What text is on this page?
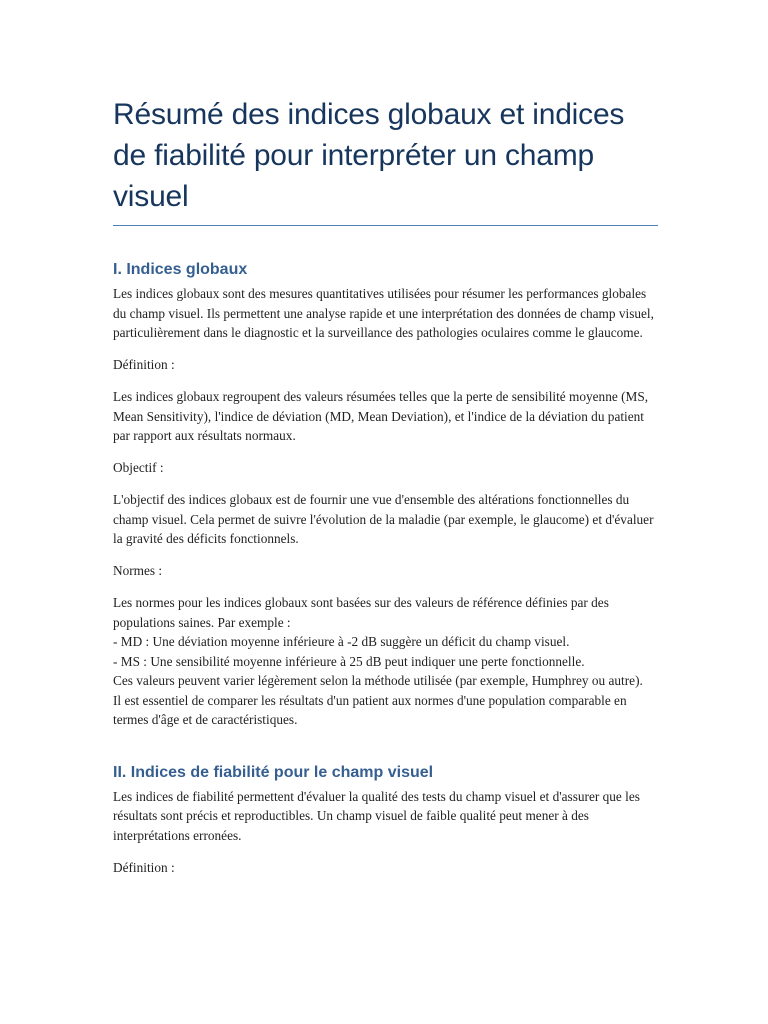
Résumé des indices globaux et indices de fiabilité pour interpréter un champ visuel
I. Indices globaux

Les indices globaux sont des mesures quantitatives utilisées pour résumer les performances globales du champ visuel. Ils permettent une analyse rapide et une interprétation des données de champ visuel, particulièrement dans le diagnostic et la surveillance des pathologies oculaires comme le glaucome.

Définition :

Les indices globaux regroupent des valeurs résumées telles que la perte de sensibilité moyenne (MS, Mean Sensitivity), l'indice de déviation (MD, Mean Deviation), et l'indice de la déviation du patient par rapport aux résultats normaux.

Objectif :

L'objectif des indices globaux est de fournir une vue d'ensemble des altérations fonctionnelles du champ visuel. Cela permet de suivre l'évolution de la maladie (par exemple, le glaucome) et d'évaluer la gravité des déficits fonctionnels.

Normes :

Les normes pour les indices globaux sont basées sur des valeurs de référence définies par des populations saines. Par exemple :
- MD : Une déviation moyenne inférieure à -2 dB suggère un déficit du champ visuel.
- MS : Une sensibilité moyenne inférieure à 25 dB peut indiquer une perte fonctionnelle.
Ces valeurs peuvent varier légèrement selon la méthode utilisée (par exemple, Humphrey ou autre).
Il est essentiel de comparer les résultats d'un patient aux normes d'une population comparable en termes d'âge et de caractéristiques.

II. Indices de fiabilité pour le champ visuel

Les indices de fiabilité permettent d'évaluer la qualité des tests du champ visuel et d'assurer que les résultats sont précis et reproductibles. Un champ visuel de faible qualité peut mener à des interprétations erronées.

Définition :
